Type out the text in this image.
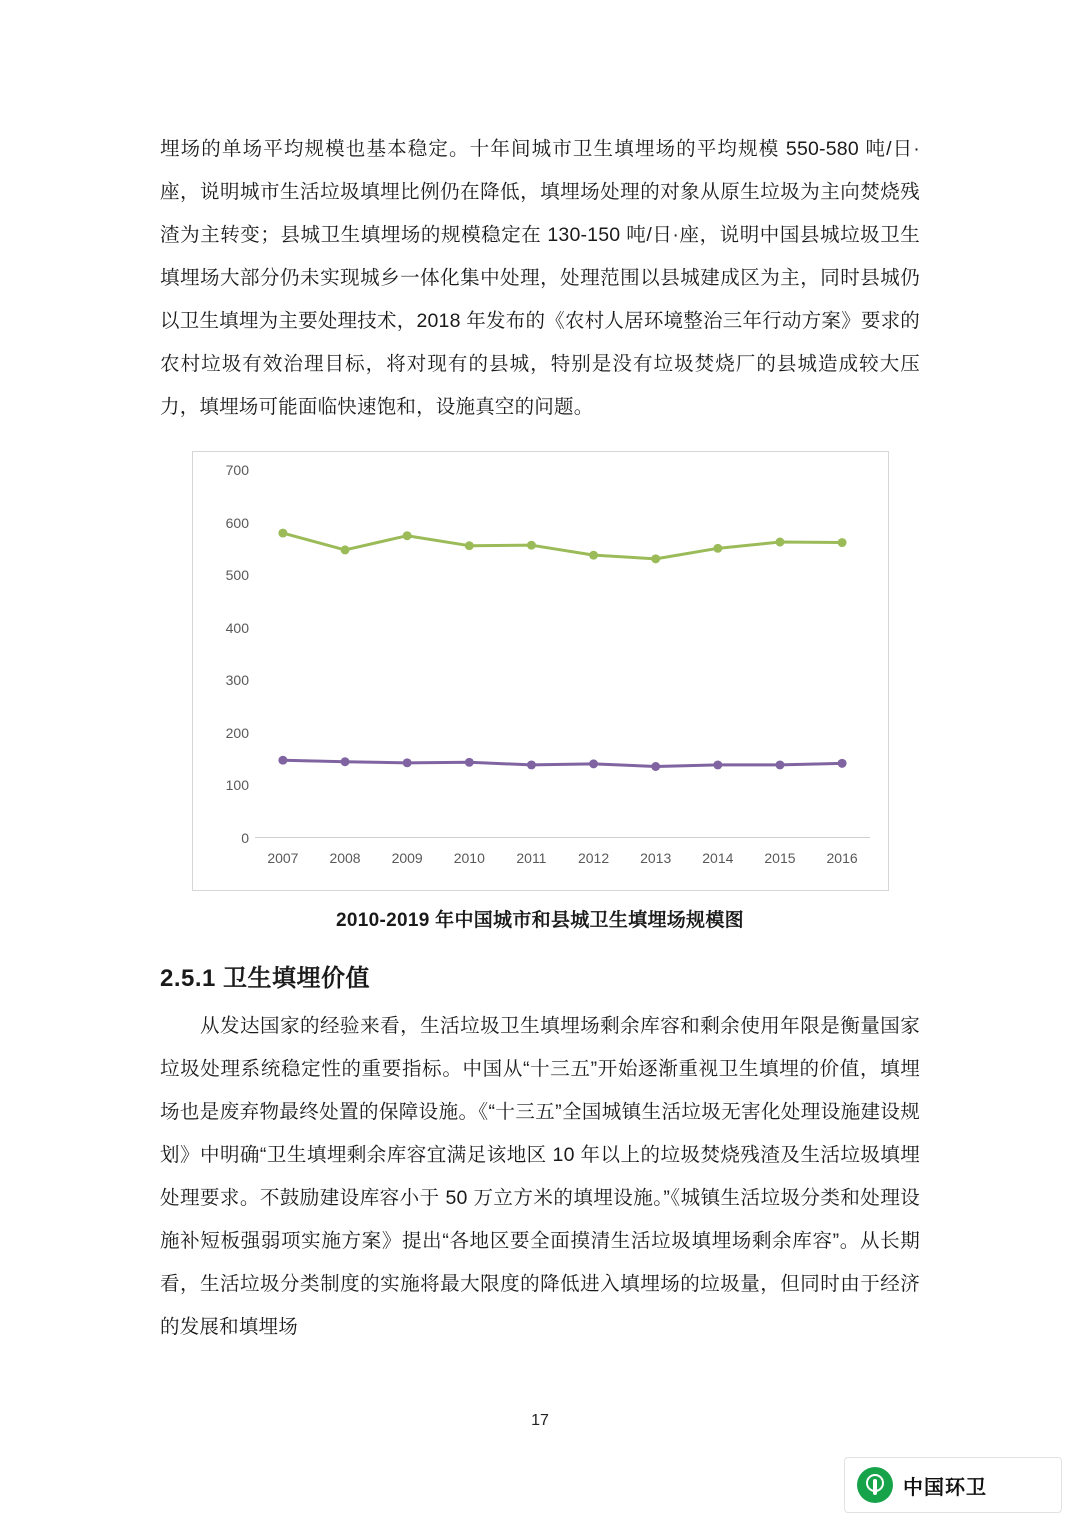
埋场的单场平均规模也基本稳定。十年间城市卫生填埋场的平均规模 550-580 吨/日·座，说明城市生活垃圾填埋比例仍在降低，填埋场处理的对象从原生垃圾为主向焚烧残渣为主转变；县城卫生填埋场的规模稳定在 130-150 吨/日·座，说明中国县城垃圾卫生填埋场大部分仍未实现城乡一体化集中处理，处理范围以县城建成区为主，同时县城仍以卫生填埋为主要处理技术，2018 年发布的《农村人居环境整治三年行动方案》要求的农村垃圾有效治理目标，将对现有的县城，特别是没有垃圾焚烧厂的县城造成较大压力，填埋场可能面临快速饱和，设施真空的问题。

0
100
200
300
400
500
600
700
2007 2008 2009 2010 2011 2012 2013 2014 2015 2016
2010-2019 年中国城市和县城卫生填埋场规模图
2.5.1 卫生填埋价值

从发达国家的经验来看，生活垃圾卫生填埋场剩余库容和剩余使用年限是衡量国家垃圾处理系统稳定性的重要指标。中国从“十三五”开始逐渐重视卫生填埋的价值，填埋场也是废弃物最终处置的保障设施。《“十三五”全国城镇生活垃圾无害化处理设施建设规划》中明确“卫生填埋剩余库容宜满足该地区 10 年以上的垃圾焚烧残渣及生活垃圾填埋处理要求。不鼓励建设库容小于 50 万立方米的填埋设施。”《城镇生活垃圾分类和处理设施补短板强弱项实施方案》提出“各地区要全面摸清生活垃圾填埋场剩余库容”。从长期看，生活垃圾分类制度的实施将最大限度的降低进入填埋场的垃圾量，但同时由于经济的发展和填埋场

17
中国环卫
